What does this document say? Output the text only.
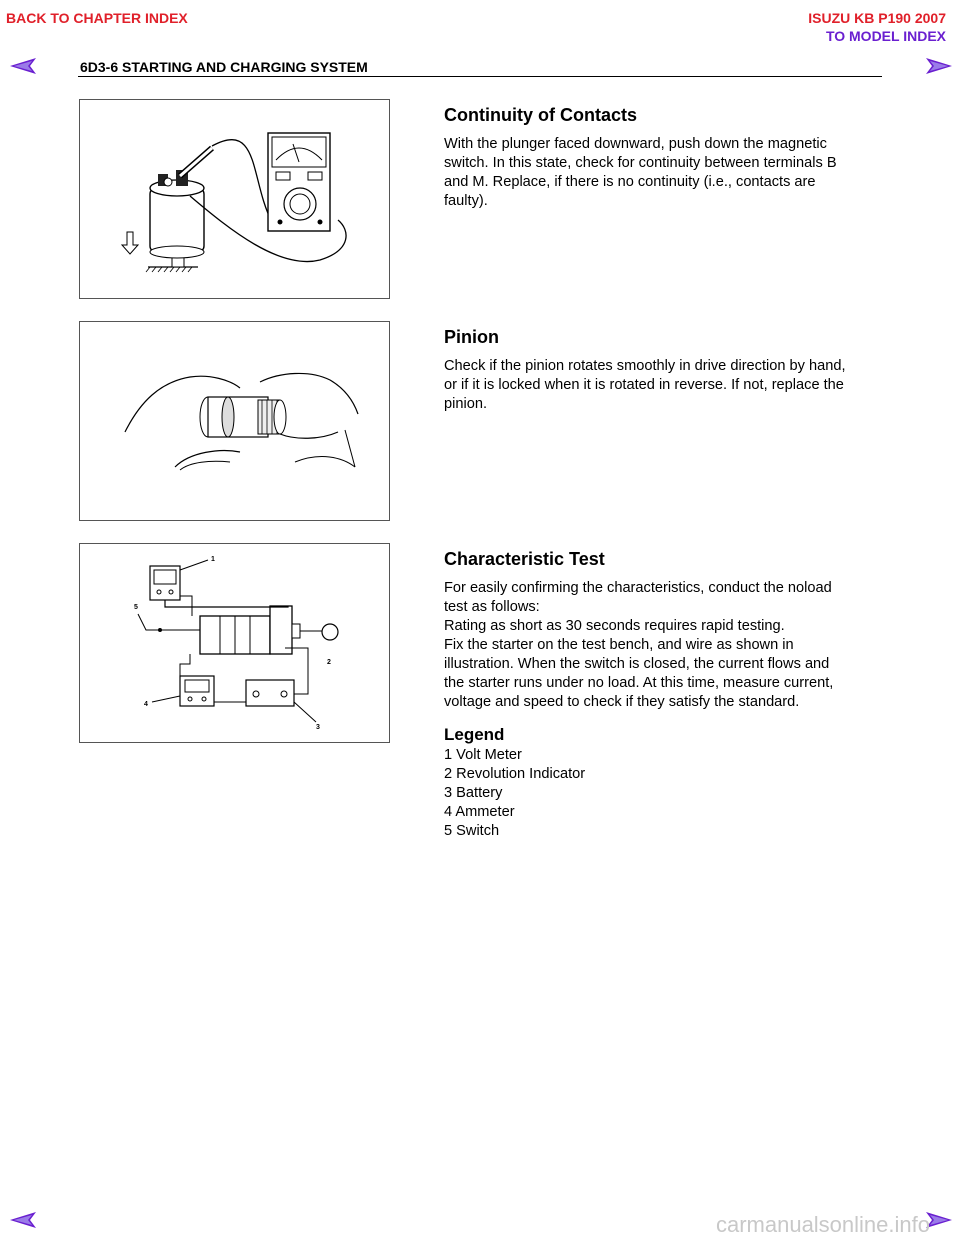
BACK TO CHAPTER INDEX	ISUZU KB P190 2007
TO MODEL INDEX
6D3-6 STARTING AND CHARGING SYSTEM
1
2
5
4
3
Continuity of Contacts

With the plunger faced downward, push down the magnetic
switch. In this state, check for continuity between terminals B
and M. Replace, if there is no continuity (i.e., contacts are
faulty).

Pinion

Check if the pinion rotates smoothly in drive direction by hand,
or if it is locked when it is rotated in reverse. If not, replace the
pinion.

Characteristic Test

For easily confirming the characteristics, conduct the noload
test as follows:
Rating as short as 30 seconds requires rapid testing.
Fix the starter on the test bench, and wire as shown in
illustration. When the switch is closed, the current flows and
the starter runs under no load. At this time, measure current,
voltage and speed to check if they satisfy the standard.

Legend
1 Volt Meter
2 Revolution Indicator
3 Battery
4 Ammeter
5 Switch
carmanualsonline.info
